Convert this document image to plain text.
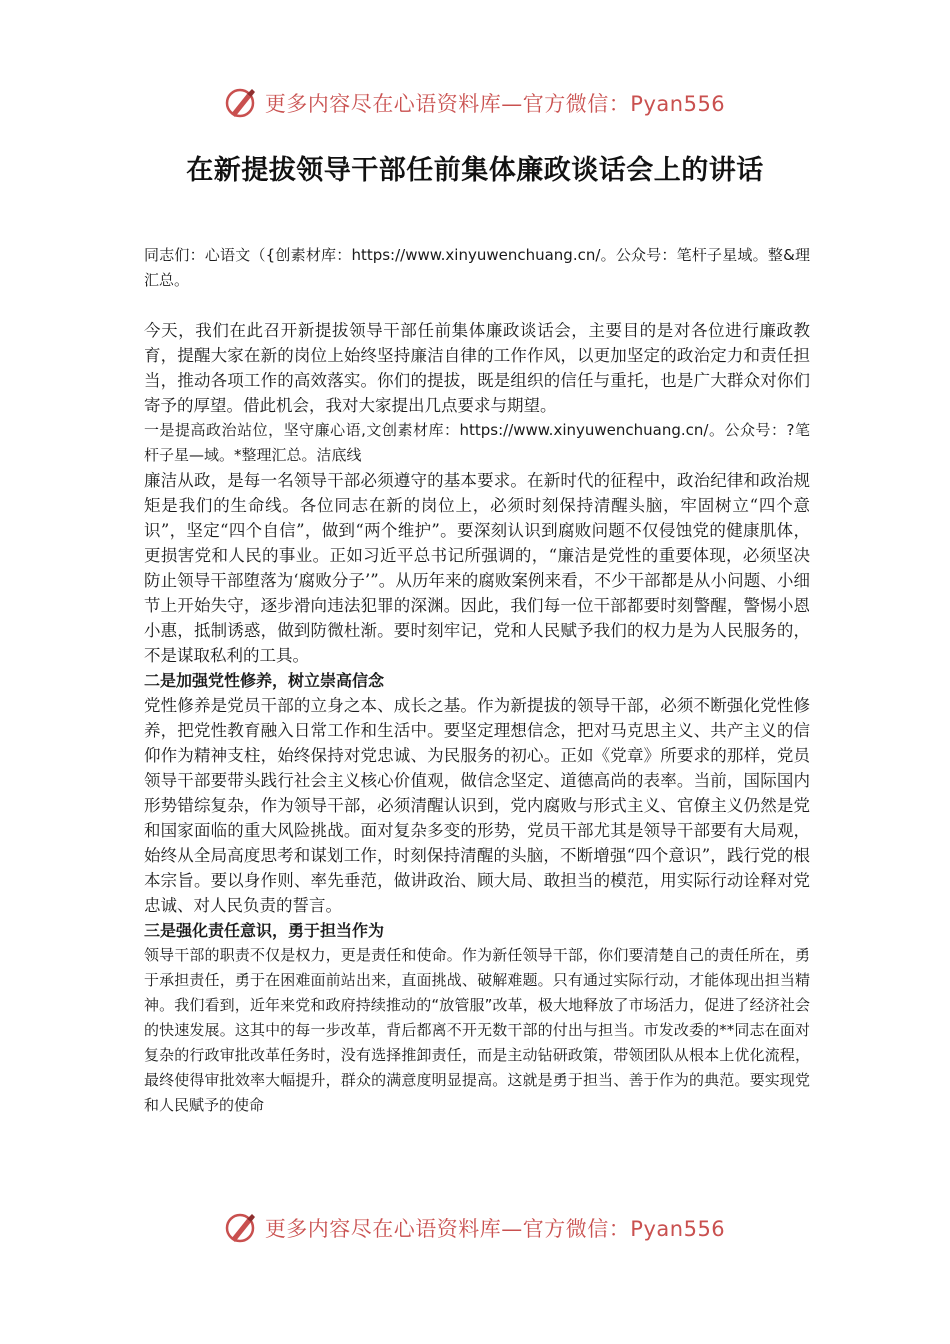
更多内容尽在心语资料库—官方微信：Pyan556
在新提拔领导干部任前集体廉政谈话会上的讲话

同志们：心语文（{创素材库：https://www.xinyuwenchuang.cn/。公众号：笔杆子星域。整&理汇总。

今天，我们在此召开新提拔领导干部任前集体廉政谈话会，主要目的是对各位进行廉政教育，提醒大家在新的岗位上始终坚持廉洁自律的工作作风，以更加坚定的政治定力和责任担当，推动各项工作的高效落实。你们的提拔，既是组织的信任与重托，也是广大群众对你们寄予的厚望。借此机会，我对大家提出几点要求与期望。

一是提高政治站位，坚守廉心语,文创素材库：https://www.xinyuwenchuang.cn/。公众号：?笔杆子星—域。*整理汇总。洁底线

廉洁从政，是每一名领导干部必须遵守的基本要求。在新时代的征程中，政治纪律和政治规矩是我们的生命线。各位同志在新的岗位上，必须时刻保持清醒头脑，牢固树立“四个意识”，坚定“四个自信”，做到“两个维护”。要深刻认识到腐败问题不仅侵蚀党的健康肌体，更损害党和人民的事业。正如习近平总书记所强调的，“廉洁是党性的重要体现，必须坚决防止领导干部堕落为‘腐败分子’”。从历年来的腐败案例来看，不少干部都是从小问题、小细节上开始失守，逐步滑向违法犯罪的深渊。因此，我们每一位干部都要时刻警醒，警惕小恩小惠，抵制诱惑，做到防微杜渐。要时刻牢记，党和人民赋予我们的权力是为人民服务的，不是谋取私利的工具。

二是加强党性修养，树立崇高信念

党性修养是党员干部的立身之本、成长之基。作为新提拔的领导干部，必须不断强化党性修养，把党性教育融入日常工作和生活中。要坚定理想信念，把对马克思主义、共产主义的信仰作为精神支柱，始终保持对党忠诚、为民服务的初心。正如《党章》所要求的那样，党员领导干部要带头践行社会主义核心价值观，做信念坚定、道德高尚的表率。当前，国际国内形势错综复杂，作为领导干部，必须清醒认识到，党内腐败与形式主义、官僚主义仍然是党和国家面临的重大风险挑战。面对复杂多变的形势，党员干部尤其是领导干部要有大局观，始终从全局高度思考和谋划工作，时刻保持清醒的头脑，不断增强“四个意识”，践行党的根本宗旨。要以身作则、率先垂范，做讲政治、顾大局、敢担当的模范，用实际行动诠释对党忠诚、对人民负责的誓言。

三是强化责任意识，勇于担当作为

领导干部的职责不仅是权力，更是责任和使命。作为新任领导干部，你们要清楚自己的责任所在，勇于承担责任，勇于在困难面前站出来，直面挑战、破解难题。只有通过实际行动，才能体现出担当精神。我们看到，近年来党和政府持续推动的“放管服”改革，极大地释放了市场活力，促进了经济社会的快速发展。这其中的每一步改革，背后都离不开无数干部的付出与担当。市发改委的**同志在面对复杂的行政审批改革任务时，没有选择推卸责任，而是主动钻研政策，带领团队从根本上优化流程，最终使得审批效率大幅提升，群众的满意度明显提高。这就是勇于担当、善于作为的典范。要实现党和人民赋予的使命

更多内容尽在心语资料库—官方微信：Pyan556
